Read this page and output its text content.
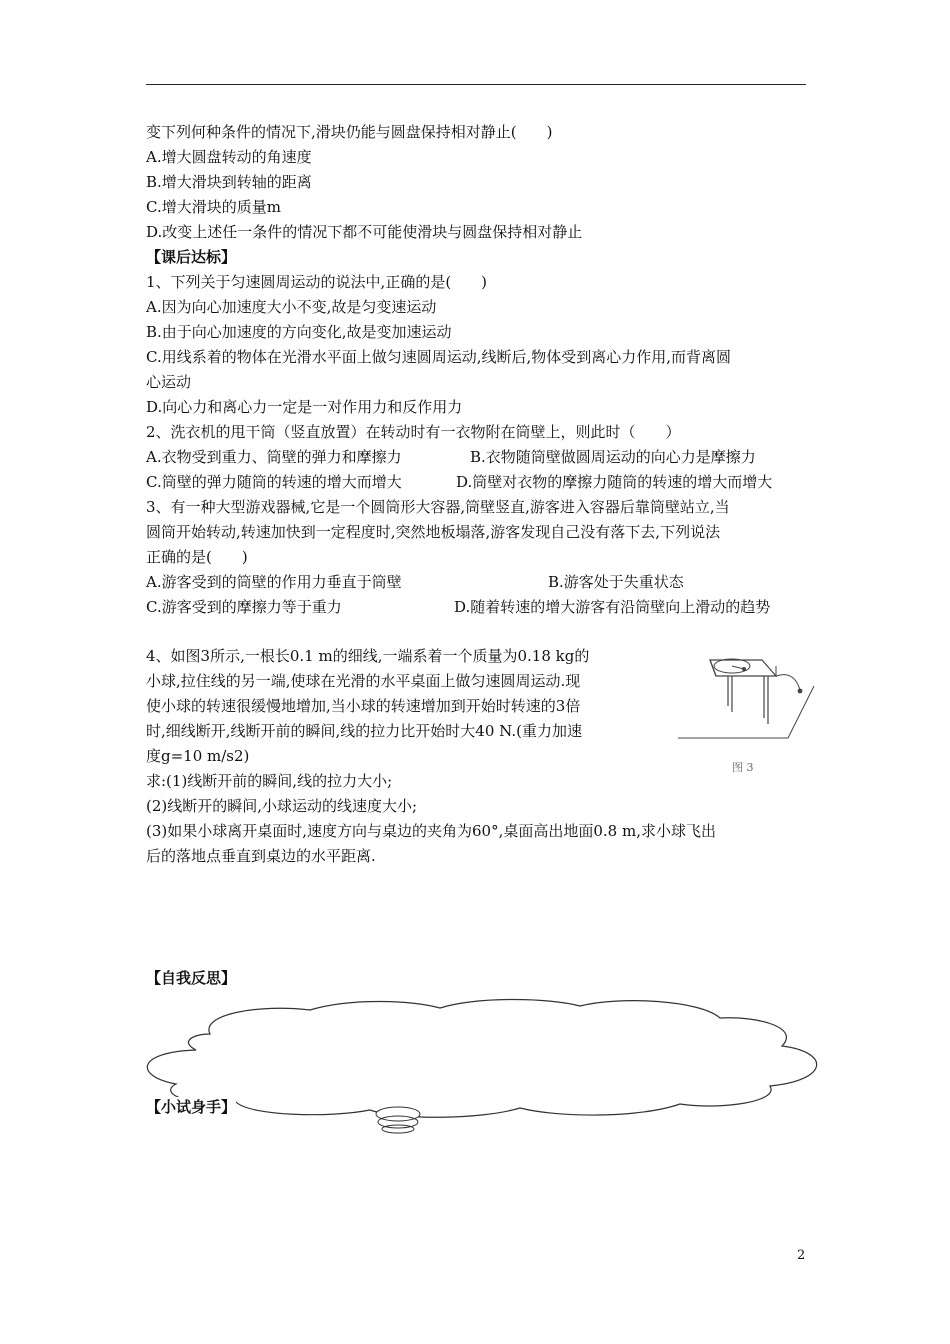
变下列何种条件的情况下,滑块仍能与圆盘保持相对静止(　　)
A.增大圆盘转动的角速度
B.增大滑块到转轴的距离
C.增大滑块的质量m
D.改变上述任一条件的情况下都不可能使滑块与圆盘保持相对静止
【课后达标】
1、下列关于匀速圆周运动的说法中,正确的是(　　)
A.因为向心加速度大小不变,故是匀变速运动
B.由于向心加速度的方向变化,故是变加速运动
C.用线系着的物体在光滑水平面上做匀速圆周运动,线断后,物体受到离心力作用,而背离圆
心运动
D.向心力和离心力一定是一对作用力和反作用力
2、洗衣机的甩干筒（竖直放置）在转动时有一衣物附在筒壁上，则此时（　　）
A.衣物受到重力、筒壁的弹力和摩擦力	B.衣物随筒壁做圆周运动的向心力是摩擦力
C.筒壁的弹力随筒的转速的增大而增大	D.筒壁对衣物的摩擦力随筒的转速的增大而增大
3、有一种大型游戏器械,它是一个圆筒形大容器,筒壁竖直,游客进入容器后靠筒壁站立,当
圆筒开始转动,转速加快到一定程度时,突然地板塌落,游客发现自己没有落下去,下列说法
正确的是(　　)
A.游客受到的筒壁的作用力垂直于筒壁	B.游客处于失重状态
C.游客受到的摩擦力等于重力	D.随着转速的增大游客有沿筒壁向上滑动的趋势
4、如图3所示,一根长0.1 m的细线,一端系着一个质量为0.18 kg的
小球,拉住线的另一端,使球在光滑的水平桌面上做匀速圆周运动.现
使小球的转速很缓慢地增加,当小球的转速增加到开始时转速的3倍
时,细线断开,线断开前的瞬间,线的拉力比开始时大40 N.(重力加速
度g=10 m/s2)
求:(1)线断开前的瞬间,线的拉力大小;
(2)线断开的瞬间,小球运动的线速度大小;
(3)如果小球离开桌面时,速度方向与桌边的夹角为60°,桌面高出地面0.8 m,求小球飞出
后的落地点垂直到桌边的水平距离.
图 3
【自我反思】
【小试身手】
2
